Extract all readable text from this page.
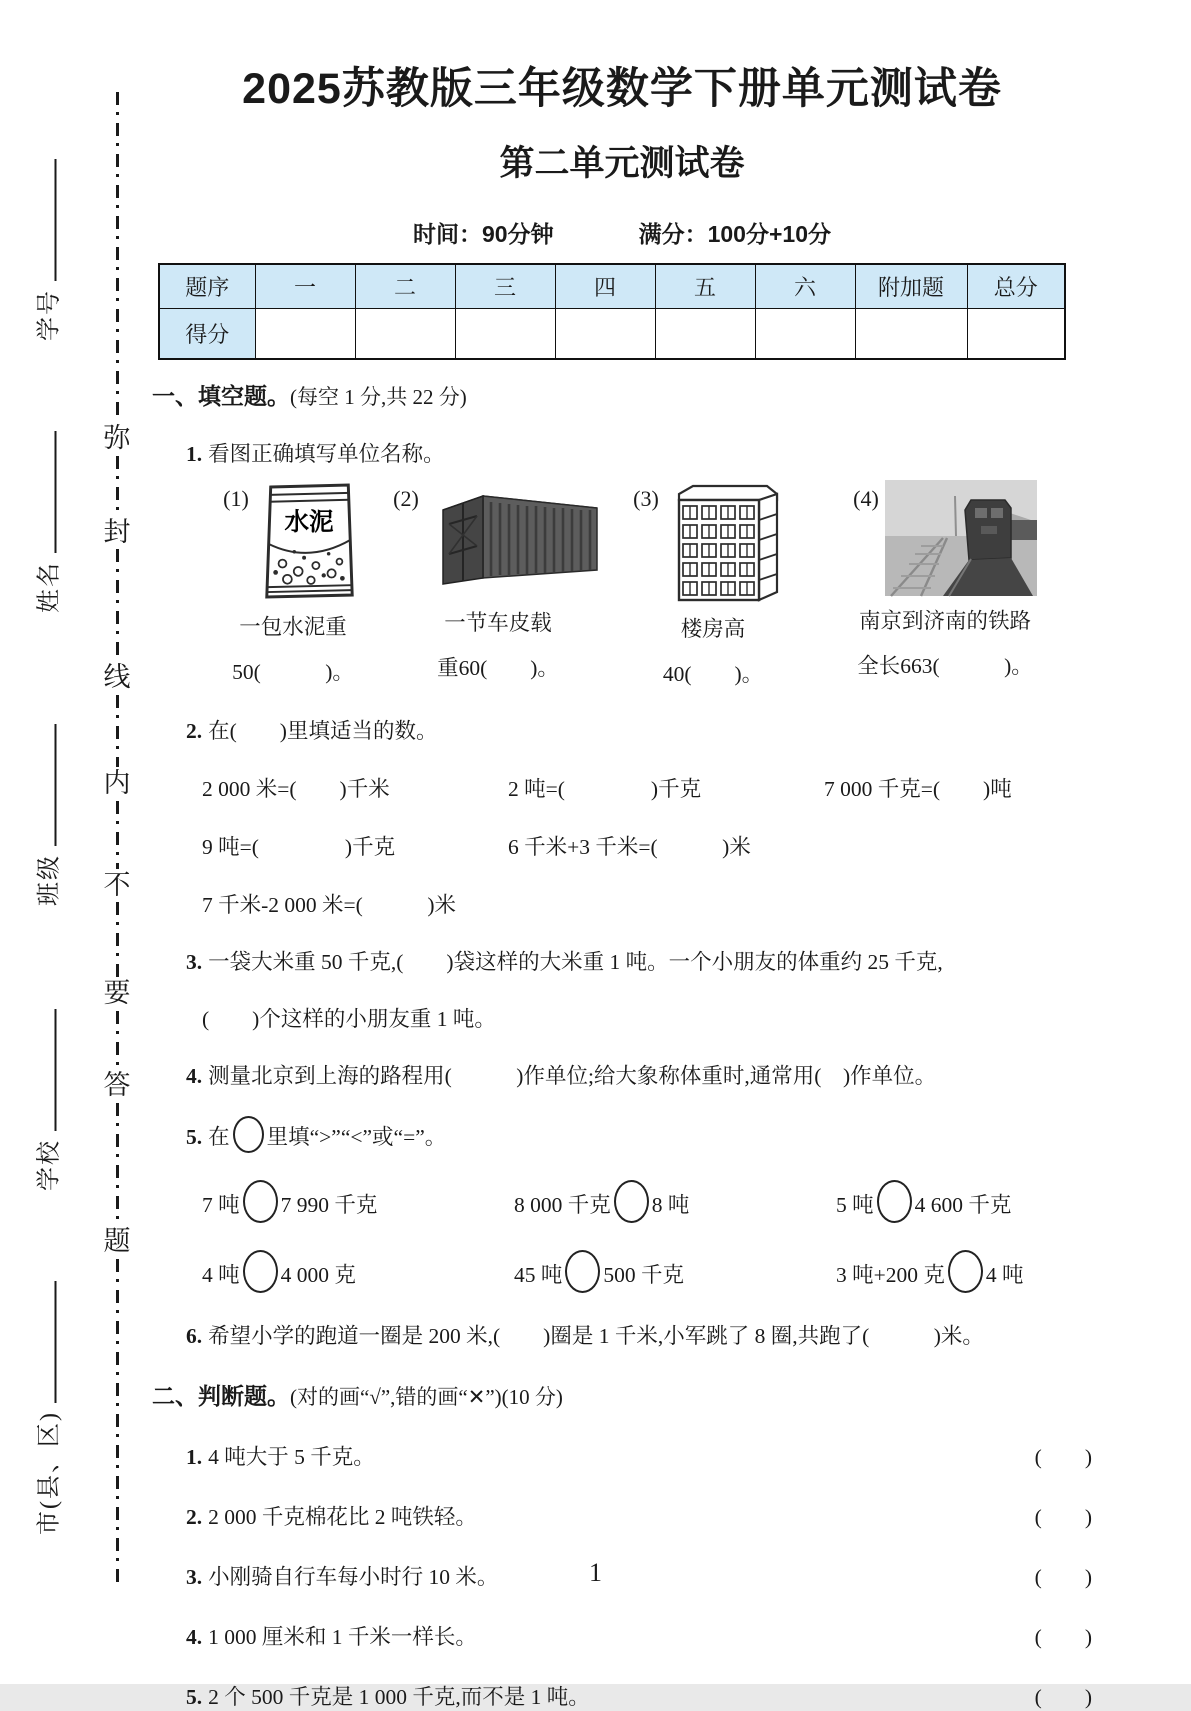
学号
姓名
班级
学校
市(县、区)
弥
封
线
内
不
要
答
题
2025苏教版三年级数学下册单元测试卷
第二单元测试卷
时间：90分钟	满分：100分+10分
题序	一	二	三	四	五	六	附加题	总分
得分								
一、填空题。(每空 1 分,共 22 分)
1. 看图正确填写单位名称。
(1)
水泥
一包水泥重
50(　　　)。
(2)
一节车皮载
重60(　　)。
(3)
楼房高
40(　　)。
(4)
南京到济南的铁路
全长663(　　　)。
2. 在(　　)里填适当的数。
2 000 米=(　　)千米	2 吨=(　　　　)千克	7 000 千克=(　　)吨
9 吨=(　　　　)千克	6 千米+3 千米=(　　　)米
7 千米-2 000 米=(　　　)米
3. 一袋大米重 50 千克,(　　)袋这样的大米重 1 吨。一个小朋友的体重约 25 千克,
(　　)个这样的小朋友重 1 吨。
4. 测量北京到上海的路程用(　　　)作单位;给大象称体重时,通常用(　)作单位。
5. 在 里填“>”“<”或“=”。
7 吨 7 990 千克	8 000 千克 8 吨	5 吨 4 600 千克
4 吨 4 000 克	45 吨 500 千克	3 吨+200 克 4 吨
6. 希望小学的跑道一圈是 200 米,(　　)圈是 1 千米,小军跳了 8 圈,共跑了(　　　)米。
二、判断题。(对的画“√”,错的画“✕”)(10 分)
1. 4 吨大于 5 千克。	(　　)
2. 2 000 千克棉花比 2 吨铁轻。	(　　)
3. 小刚骑自行车每小时行 10 米。	(　　)
4. 1 000 厘米和 1 千米一样长。	(　　)
5. 2 个 500 千克是 1 000 千克,而不是 1 吨。	(　　)
1
